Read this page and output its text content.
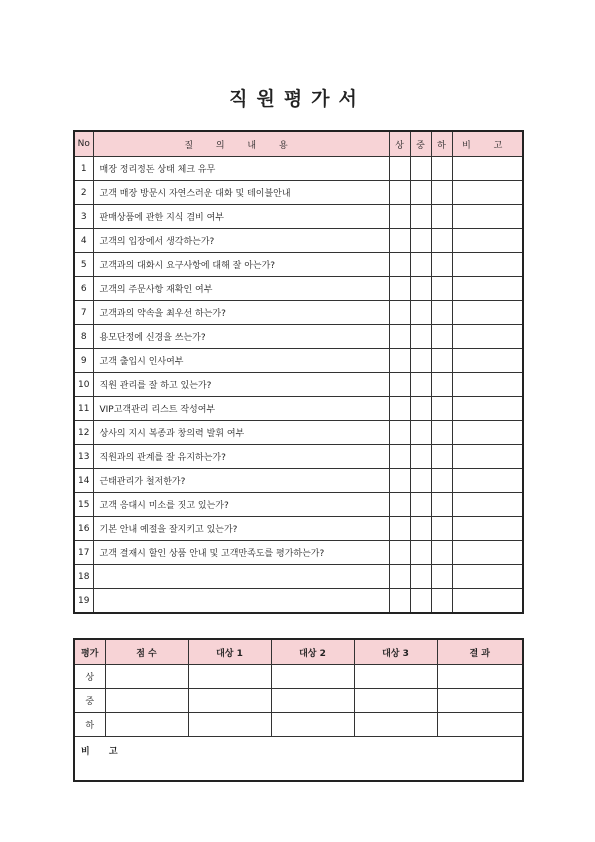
직원평가서
No	질 의 내 용	상	중	하	비 고
1	매장 정리정돈 상태 체크 유무				
2	고객 매장 방문시 자연스러운 대화 및 테이블안내				
3	판매상품에 관한 지식 겸비 여부				
4	고객의 입장에서 생각하는가?				
5	고객과의 대화시 요구사항에 대해 잘 아는가?				
6	고객의 주문사항 재확인 여부				
7	고객과의 약속을 최우선 하는가?				
8	용모단정에 신경을 쓰는가?				
9	고객 출입시 인사여부				
10	직원 관리를 잘 하고 있는가?				
11	VIP고객관리 리스트 작성여부				
12	상사의 지시 복종과 창의력 발휘 여부				
13	직원과의 관계를 잘 유지하는가?				
14	근태관리가 철저한가?				
15	고객 응대시 미소를 짓고 있는가?				
16	기본 안내 예절을 잘지키고 있는가?				
17	고객 결재시 할인 상품 안내 및 고객만족도를 평가하는가?				
18					
19					
평가	점 수	대상 1	대상 2	대상 3	결 과
상					
중					
하					
비 고					
